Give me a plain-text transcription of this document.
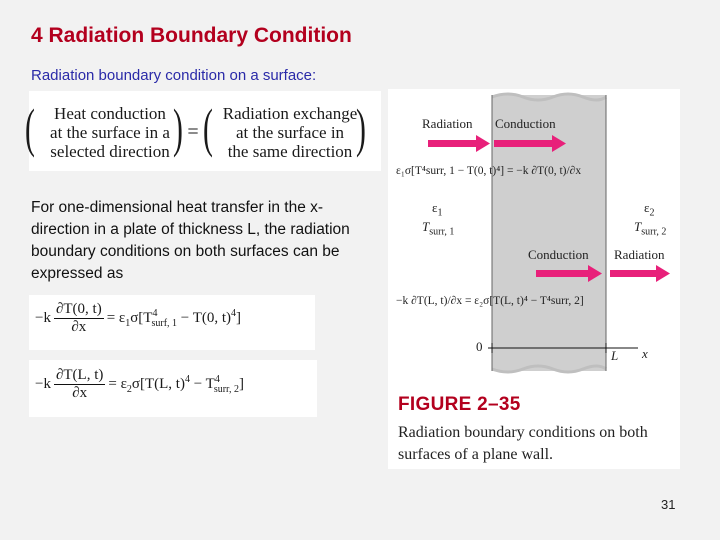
4 Radiation Boundary Condition
Radiation boundary condition on a surface:
(	Heat conduction
at the surface in a
selected direction ) = ( Radiation exchange
at the surface in
the same direction )
For one-dimensional heat transfer in the x-direction in a plate of thickness L, the radiation boundary conditions on both surfaces can be expressed as
$-k \frac{\partial T(0, t)}{\partial x} = \varepsilon_1\sigma[T^4_{surf, 1} - T(0$, t)$^4$]
$-k \frac{\partial T(L, t)}{\partial x} = \varepsilon_2\sigma[T(L$, $t)^4 - T^4_{surr, 2}$]
Radiation Conduction
ε₁σ[T⁴surr, 1 − T(0, t)⁴] = −k ∂T(0, t)/∂x
$\varepsilon_1$
$T_{surr, 1}$
$\varepsilon_2$
$T_{surr, 2}$
Conduction Radiation
−k ∂T(L, t)/∂x = ε₂σ[T(L, t)⁴ − T⁴surr, 2]
0
L x
FIGURE 2–35
Radiation boundary conditions on both surfaces of a plane wall.
31
